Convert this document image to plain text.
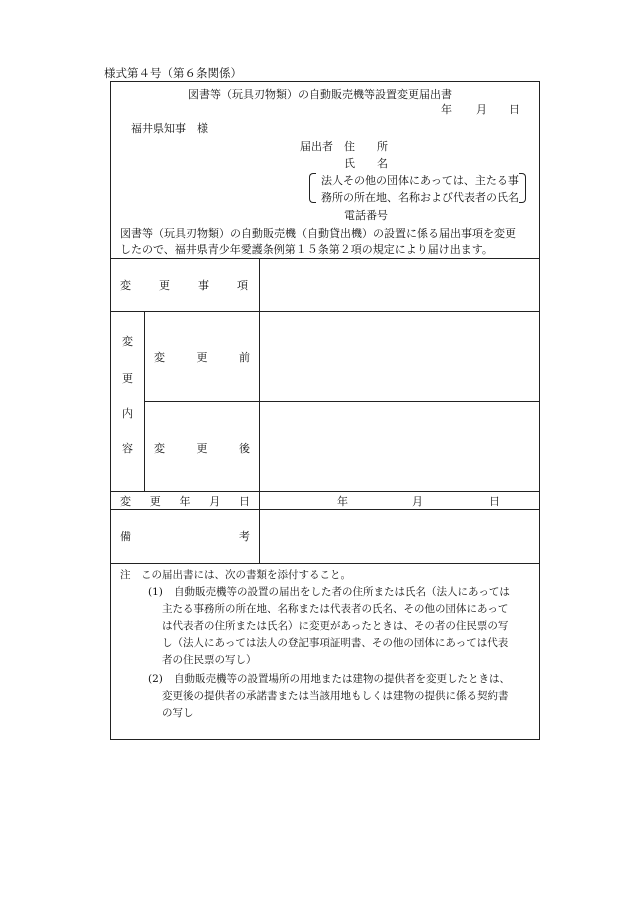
様式第４号（第６条関係）
図書等（玩具刃物類）の自動販売機等設置変更届出書
年 月 日
福井県知事　様
届出者 住　　所
氏　　名
法人その他の団体にあっては、主たる事
務所の所在地、名称および代表者の氏名
電話番号
図書等（玩具刃物類）の自動販売機（自動貸出機）の設置に係る届出事項を変更
したので、福井県青少年愛護条例第１５条第２項の規定により届け出ます。
変	更	事	項
変
更
内
容
変	更	前
変	更	後
変 更 年 月 日	年	月	日
備	考
注　この届出書には、次の書類を添付すること。
(1) 自動販売機等の設置の届出をした者の住所または氏名（法人にあっては
主たる事務所の所在地、名称または代表者の氏名、その他の団体にあって
は代表者の住所または氏名）に変更があったときは、その者の住民票の写
し（法人にあっては法人の登記事項証明書、その他の団体にあっては代表
者の住民票の写し）
(2) 自動販売機等の設置場所の用地または建物の提供者を変更したときは、
変更後の提供者の承諾書または当該用地もしくは建物の提供に係る契約書
の写し
